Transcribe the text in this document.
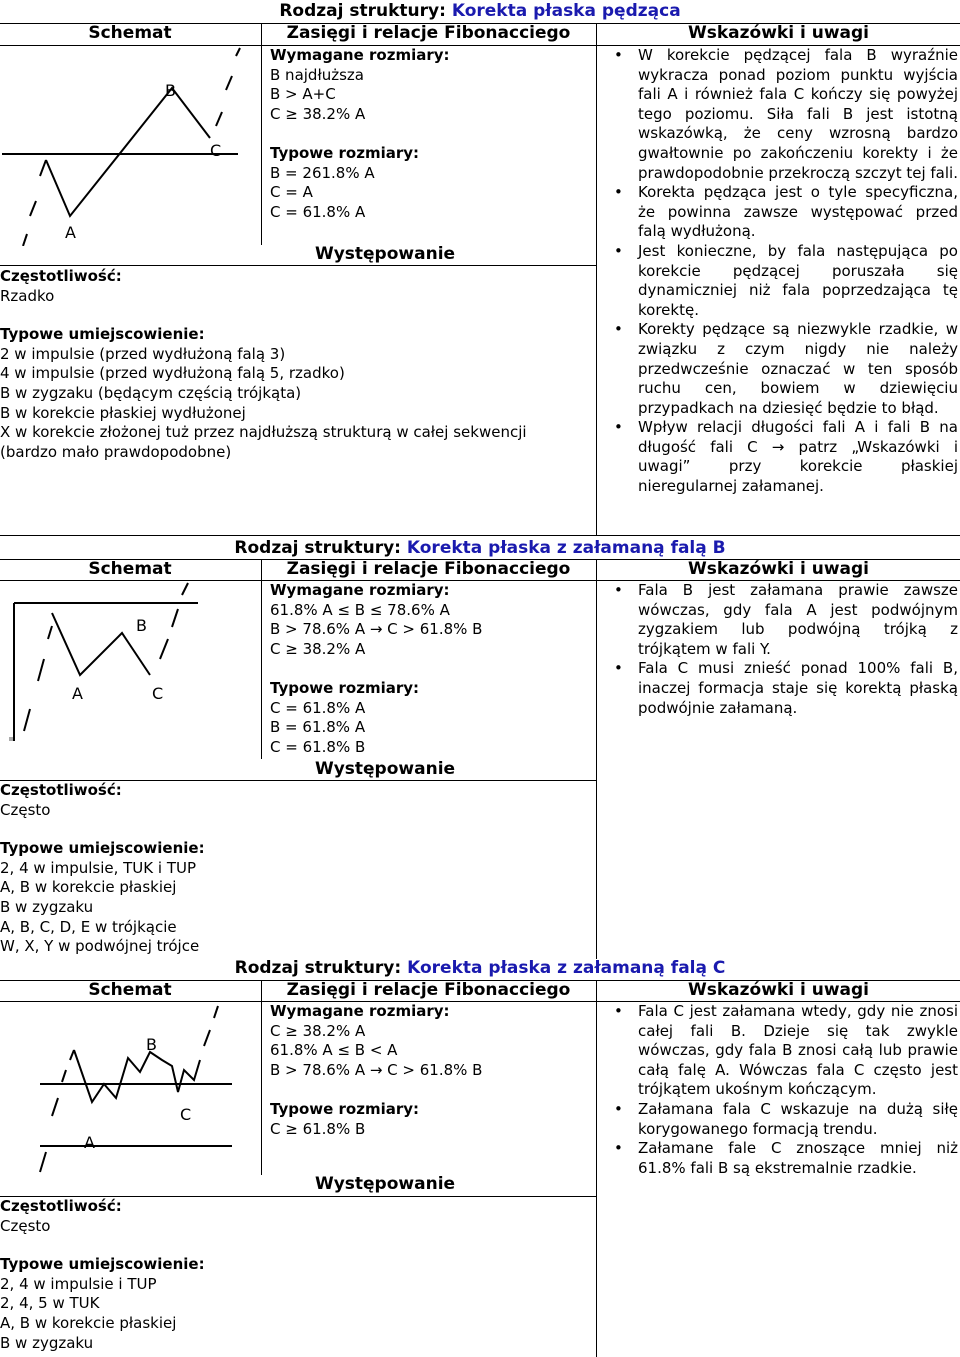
Rodzaj struktury: Korekta płaska pędząca
Schemat	Zasięgi i relacje Fibonacciego	Wskazówki i uwagi
A
B
C
Wymagane rozmiary:
B najdłuższa
B > A+C
C ≥ 38.2% A

Typowe rozmiary:
B = 261.8% A
C = A
C = 61.8% A
Występowanie
Częstotliwość:
Rzadko
Typowe umiejscowienie:
2 w impulsie (przed wydłużoną falą 3)
4 w impulsie (przed wydłużoną falą 5, rzadko)
B w zygzaku (będącym częścią trójkąta)
B w korekcie płaskiej wydłużonej
X w korekcie złożonej tuż przez najdłuższą strukturą w całej sekwencji
(bardzo mało prawdopodobne)
• W korekcie pędzącej fala B wyraźnie wykracza ponad poziom punktu wyjścia fali A i również fala C kończy się powyżej tego poziomu. Siła fali B jest istotną wskazówką, że ceny wzrosną bardzo gwałtownie po zakończeniu korekty i że prawdopodobnie przekroczą szczyt tej fali.
• Korekta pędząca jest o tyle specyficzna, że powinna zawsze występować przed falą wydłużoną.
• Jest konieczne, by fala następująca po korekcie pędzącej poruszała się dynamiczniej niż fala poprzedzająca tę korektę.
• Korekty pędzące są niezwykle rzadkie, w związku z czym nigdy nie należy przedwcześnie oznaczać w ten sposób ruchu cen, bowiem w dziewięciu przypadkach na dziesięć będzie to błąd.
• Wpływ relacji długości fali A i fali B na długość fali C → patrz „Wskazówki i uwagi” przy korekcie płaskiej nieregularnej załamanej.
Rodzaj struktury: Korekta płaska z załamaną falą B
Schemat	Zasięgi i relacje Fibonacciego	Wskazówki i uwagi
A
B
C
Wymagane rozmiary:
61.8% A ≤ B ≤ 78.6% A
B > 78.6% A → C > 61.8% B
C ≥ 38.2% A

Typowe rozmiary:
C = 61.8% A
B = 61.8% A
C = 61.8% B
Występowanie
Częstotliwość:
Często
Typowe umiejscowienie:
2, 4 w impulsie, TUK i TUP
A, B w korekcie płaskiej
B w zygzaku
A, B, C, D, E w trójkącie
W, X, Y w podwójnej trójce
• Fala B jest załamana prawie zawsze wówczas, gdy fala A jest podwójnym zygzakiem lub podwójną trójką z trójkątem w fali Y.
• Fala C musi znieść ponad 100% fali B, inaczej formacja staje się korektą płaską podwójnie załamaną.
Rodzaj struktury: Korekta płaska z załamaną falą C
Schemat	Zasięgi i relacje Fibonacciego	Wskazówki i uwagi
A
B
C
Wymagane rozmiary:
C ≥ 38.2% A
61.8% A ≤ B < A
B > 78.6% A → C > 61.8% B

Typowe rozmiary:
C ≥ 61.8% B
Występowanie
Częstotliwość:
Często
Typowe umiejscowienie:
2, 4 w impulsie i TUP
2, 4, 5 w TUK
A, B w korekcie płaskiej
B w zygzaku
• Fala C jest załamana wtedy, gdy nie znosi całej fali B. Dzieje się tak zwykle wówczas, gdy fala B znosi całą lub prawie całą falę A. Wówczas fala C często jest trójkątem ukośnym kończącym.
• Załamana fala C wskazuje na dużą siłę korygowanego formacją trendu.
• Załamane fale C znoszące mniej niż 61.8% fali B są ekstremalnie rzadkie.
